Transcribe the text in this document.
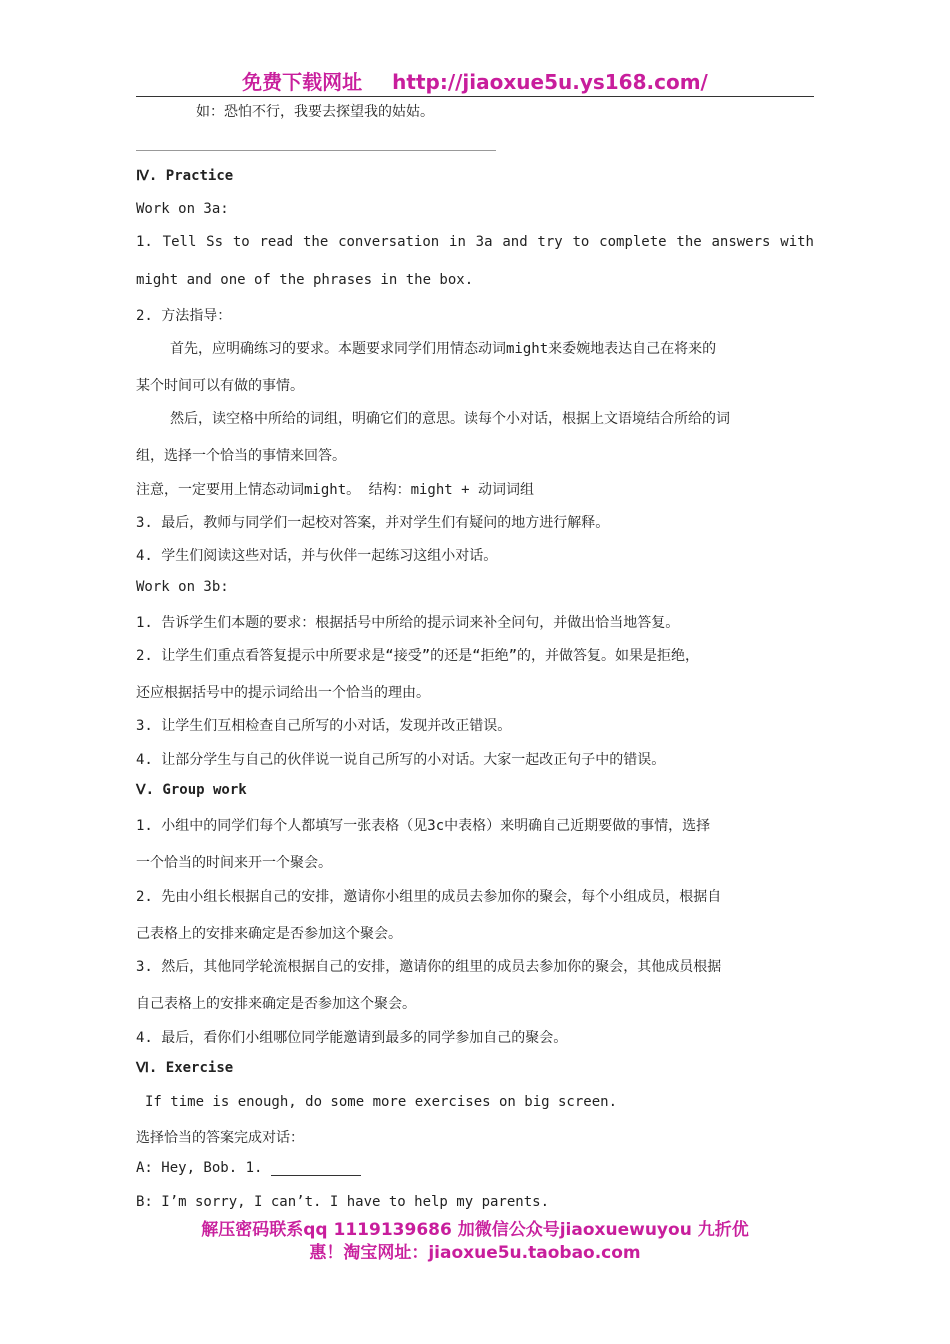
免费下载网址 http://jiaoxue5u.ys168.com/
如：恐怕不行，我要去探望我的姑姑。
Ⅳ. Practice
Work on 3a:
1. Tell Ss to read the conversation in 3a and try to complete the answers with
might and one of the phrases in the box.
2. 方法指导：
首先，应明确练习的要求。本题要求同学们用情态动词might来委婉地表达自己在将来的
某个时间可以有做的事情。
然后，读空格中所给的词组，明确它们的意思。读每个小对话，根据上文语境结合所给的词
组，选择一个恰当的事情来回答。
注意，一定要用上情态动词might。 结构：might + 动词词组
3. 最后，教师与同学们一起校对答案，并对学生们有疑问的地方进行解释。
4. 学生们阅读这些对话，并与伙伴一起练习这组小对话。
Work on 3b:
1. 告诉学生们本题的要求：根据括号中所给的提示词来补全问句，并做出恰当地答复。
2. 让学生们重点看答复提示中所要求是“接受”的还是“拒绝”的，并做答复。如果是拒绝，
还应根据括号中的提示词给出一个恰当的理由。
3. 让学生们互相检查自己所写的小对话，发现并改正错误。
4. 让部分学生与自己的伙伴说一说自己所写的小对话。大家一起改正句子中的错误。
Ⅴ. Group work
1. 小组中的同学们每个人都填写一张表格（见3c中表格）来明确自己近期要做的事情，选择
一个恰当的时间来开一个聚会。
2. 先由小组长根据自己的安排，邀请你小组里的成员去参加你的聚会，每个小组成员，根据自
己表格上的安排来确定是否参加这个聚会。
3. 然后，其他同学轮流根据自己的安排，邀请你的组里的成员去参加你的聚会，其他成员根据
自己表格上的安排来确定是否参加这个聚会。
4. 最后，看你们小组哪位同学能邀请到最多的同学参加自己的聚会。
Ⅵ. Exercise
If time is enough, do some more exercises on big screen.
选择恰当的答案完成对话：
A: Hey, Bob. 1.
B: I’m sorry, I can’t. I have to help my parents.
解压密码联系qq 1119139686 加微信公众号jiaoxuewuyou 九折优
惠！淘宝网址：jiaoxue5u.taobao.com
